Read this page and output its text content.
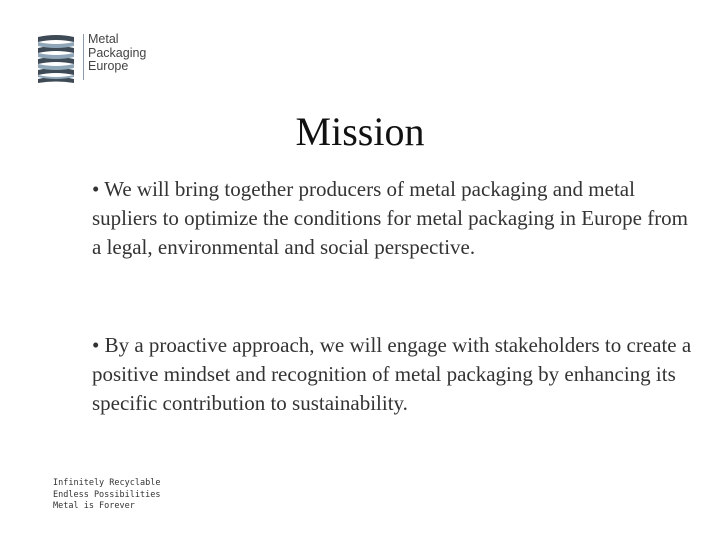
Metal
Packaging
Europe
Mission
• We will bring together producers of metal packaging and metal supliers to optimize the conditions for metal packaging in Europe from a legal, environmental and social perspective.
• By a proactive approach, we will engage with stakeholders to create a positive mindset and recognition of metal packaging by enhancing its specific contribution to sustainability.
Infinitely Recyclable
Endless Possibilities
Metal is Forever
